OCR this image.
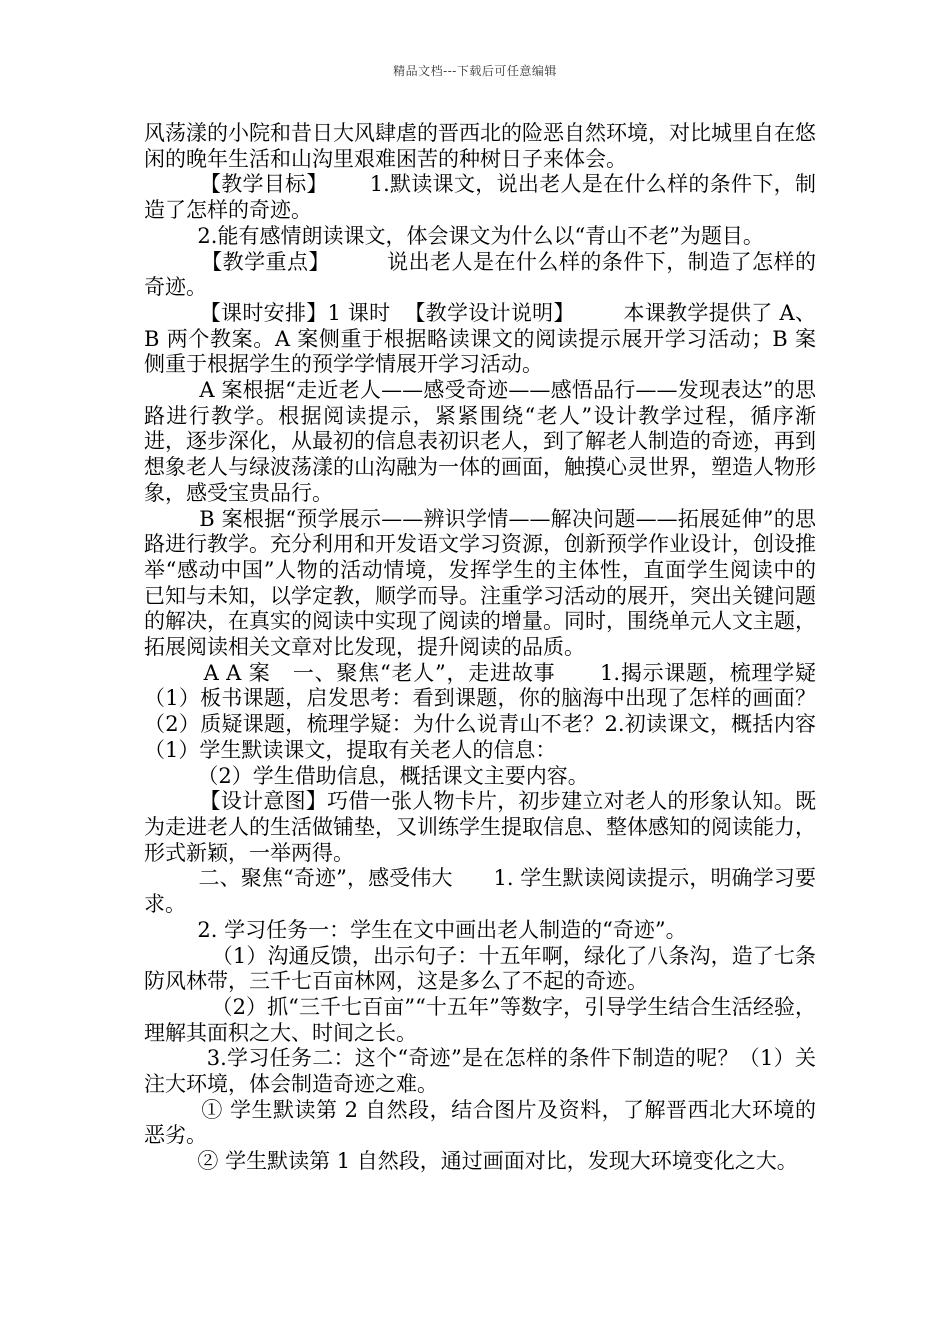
精品文档---下载后可任意编辑

风荡漾的小院和昔日大风肆虐的晋西北的险恶自然环境，对比城里自在悠闲的晚年生活和山沟里艰难困苦的种树日子来体会。

【教学目标】      1.默读课文，说出老人是在什么样的条件下，制造了怎样的奇迹。

2.能有感情朗读课文，体会课文为什么以“青山不老”为题目。

【教学重点】        说出老人是在什么样的条件下，制造了怎样的奇迹。

【课时安排】1 课时  【教学设计说明】       本课教学提供了 A、B 两个教案。A 案侧重于根据略读课文的阅读提示展开学习活动；B 案侧重于根据学生的预学学情展开学习活动。

A 案根据“走近老人——感受奇迹——感悟品行——发现表达”的思路进行教学。根据阅读提示，紧紧围绕“老人”设计教学过程，循序渐进，逐步深化，从最初的信息表初识老人，到了解老人制造的奇迹，再到想象老人与绿波荡漾的山沟融为一体的画面，触摸心灵世界，塑造人物形象，感受宝贵品行。

B 案根据“预学展示——辨识学情——解决问题——拓展延伸”的思路进行教学。充分利用和开发语文学习资源，创新预学作业设计，创设推举“感动中国”人物的活动情境，发挥学生的主体性，直面学生阅读中的已知与未知，以学定教，顺学而导。注重学习活动的展开，突出关键问题的解决，在真实的阅读中实现了阅读的增量。同时，围绕单元人文主题，拓展阅读相关文章对比发现，提升阅读的品质。

A A 案   一、聚焦“老人”，走进故事      1.揭示课题，梳理学疑  （1）板书课题，启发思考：看到课题，你的脑海中出现了怎样的画面？      （2）质疑课题，梳理学疑：为什么说青山不老？2.初读课文，概括内容      （1）学生默读课文，提取有关老人的信息：

（2）学生借助信息，概括课文主要内容。

【设计意图】巧借一张人物卡片，初步建立对老人的形象认知。既为走进老人的生活做铺垫，又训练学生提取信息、整体感知的阅读能力，形式新颖，一举两得。

二、聚焦“奇迹”，感受伟大      1. 学生默读阅读提示，明确学习要求。

2. 学习任务一：学生在文中画出老人制造的“奇迹”。

（1）沟通反馈，出示句子：十五年啊，绿化了八条沟，造了七条防风林带，三千七百亩林网，这是多么了不起的奇迹。

（2）抓“三千七百亩”“十五年”等数字，引导学生结合生活经验，理解其面积之大、时间之长。

3.学习任务二：这个“奇迹”是在怎样的条件下制造的呢？（1）关注大环境，体会制造奇迹之难。

① 学生默读第 2 自然段，结合图片及资料，了解晋西北大环境的恶劣。

② 学生默读第 1 自然段，通过画面对比，发现大环境变化之大。
